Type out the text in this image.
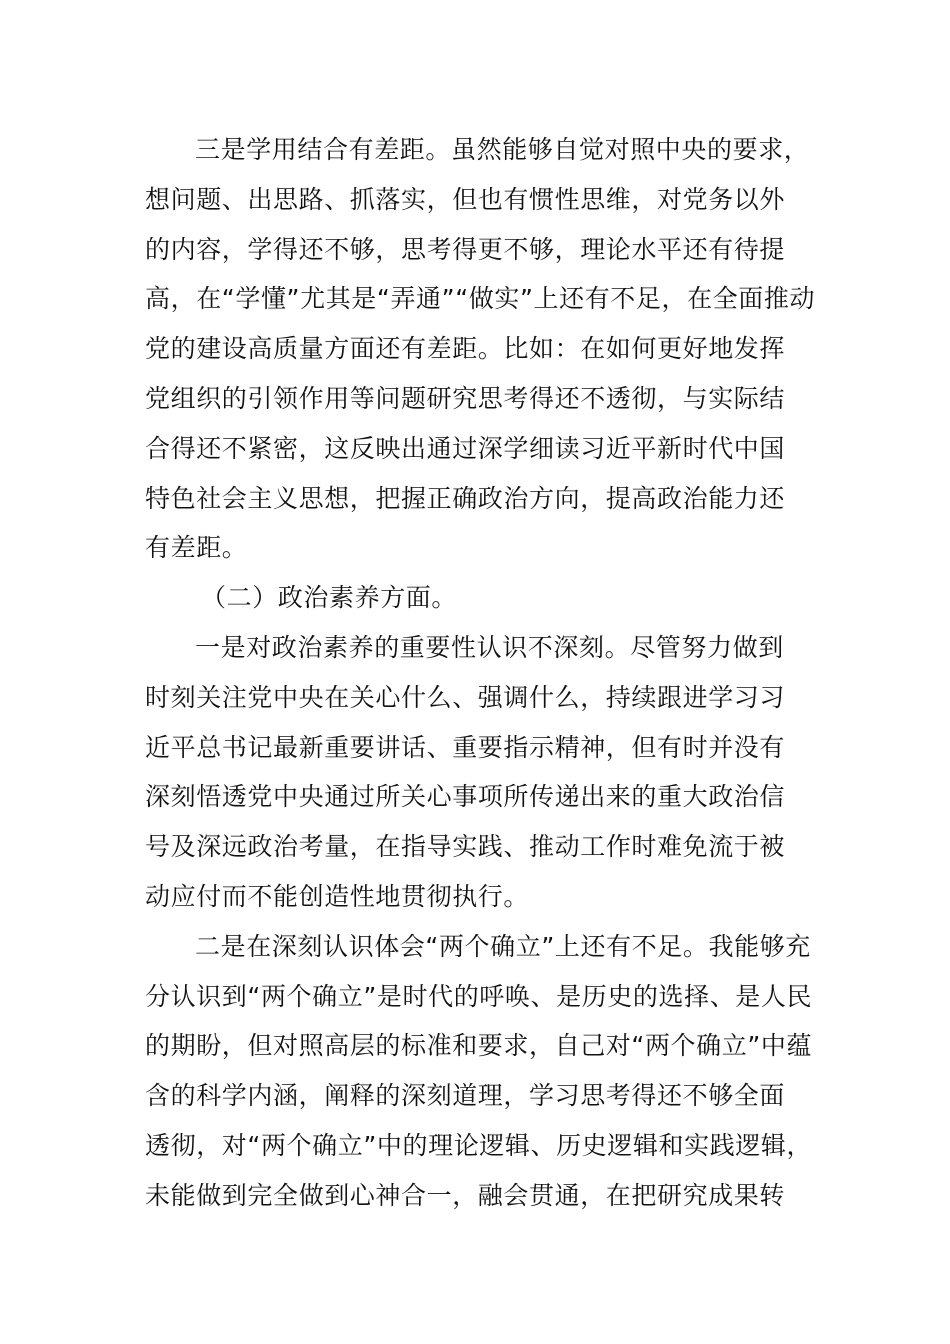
三是学用结合有差距。虽然能够自觉对照中央的要求，
想问题、出思路、抓落实，但也有惯性思维，对党务以外
的内容，学得还不够，思考得更不够，理论水平还有待提
高，在“学懂”尤其是“弄通”“做实”上还有不足，在全面推动
党的建设高质量方面还有差距。比如：在如何更好地发挥
党组织的引领作用等问题研究思考得还不透彻，与实际结
合得还不紧密，这反映出通过深学细读习近平新时代中国
特色社会主义思想，把握正确政治方向，提高政治能力还
有差距。
（二）政治素养方面。
一是对政治素养的重要性认识不深刻。尽管努力做到
时刻关注党中央在关心什么、强调什么，持续跟进学习习
近平总书记最新重要讲话、重要指示精神，但有时并没有
深刻悟透党中央通过所关心事项所传递出来的重大政治信
号及深远政治考量，在指导实践、推动工作时难免流于被
动应付而不能创造性地贯彻执行。
二是在深刻认识体会“两个确立”上还有不足。我能够充
分认识到“两个确立”是时代的呼唤、是历史的选择、是人民
的期盼，但对照高层的标准和要求，自己对“两个确立”中蕴
含的科学内涵，阐释的深刻道理，学习思考得还不够全面
透彻，对“两个确立”中的理论逻辑、历史逻辑和实践逻辑，
未能做到完全做到心神合一，融会贯通，在把研究成果转
